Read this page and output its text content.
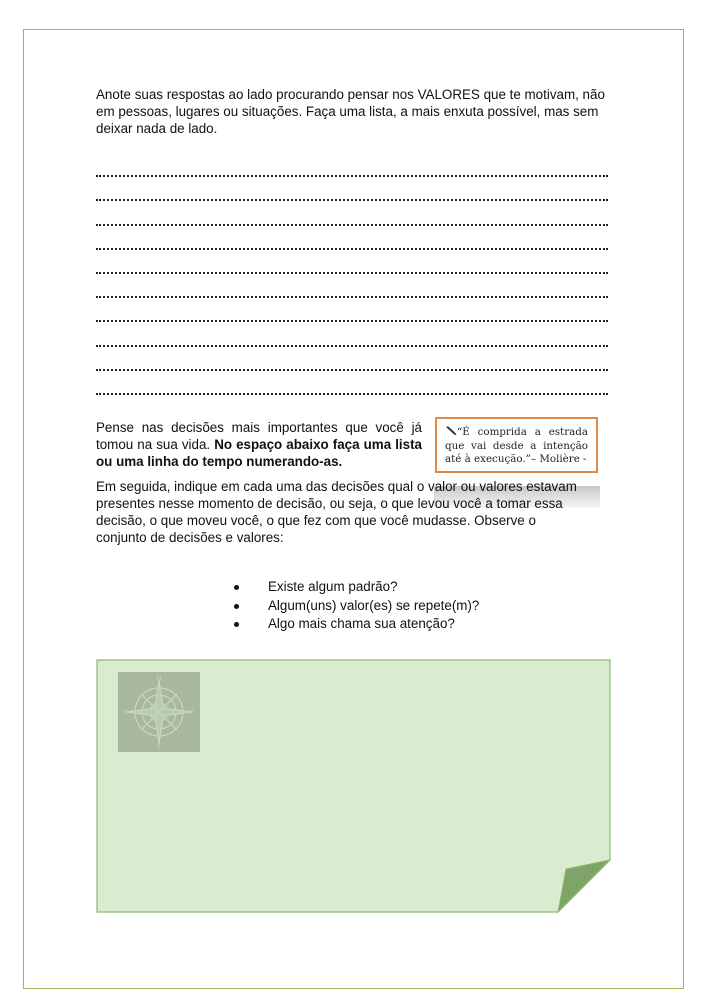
Anote suas respostas ao lado procurando pensar nos VALORES que te motivam, não em pessoas, lugares ou situações. Faça uma lista, a mais enxuta possível, mas sem deixar nada de lado.

Pense nas decisões mais importantes que você já tomou na sua vida. No espaço abaixo faça uma lista ou uma linha do tempo numerando-as.

“É comprida a estrada que vai desde a intenção até à execução.”– Molière -

Em seguida, indique em cada uma das decisões qual o valor ou valores estavam presentes nesse momento de decisão, ou seja, o que levou você a tomar essa decisão, o que moveu você, o que fez com que você mudasse. Observe o conjunto de decisões e valores:

Existe algum padrão?
Algum(uns) valor(es) se repete(m)?
Algo mais chama sua atenção?
N
E
S
O
